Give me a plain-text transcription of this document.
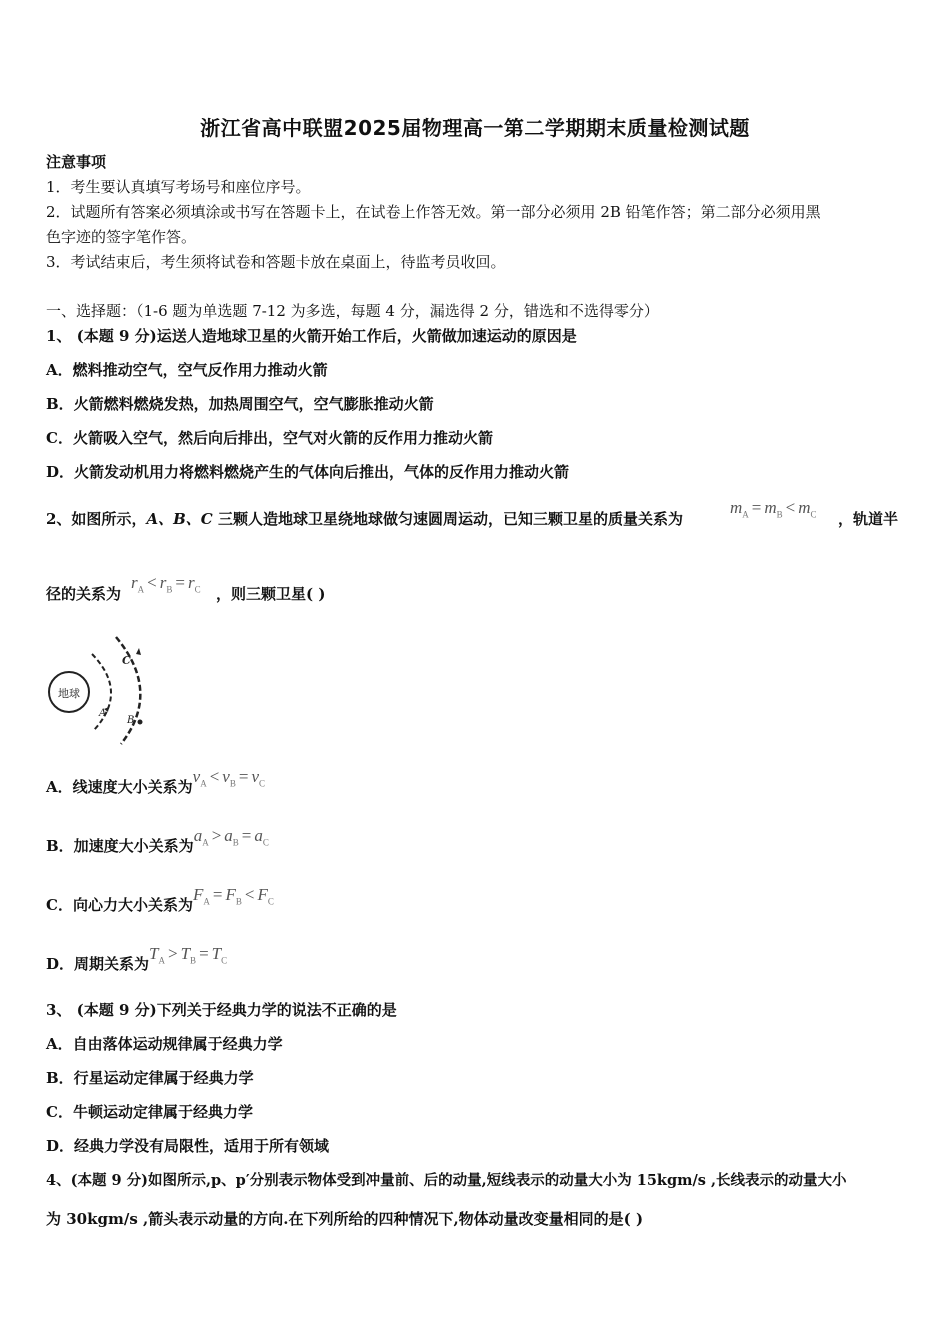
浙江省高中联盟2025届物理高一第二学期期末质量检测试题
注意事项
1．考生要认真填写考场号和座位序号。
2．试题所有答案必须填涂或书写在答题卡上，在试卷上作答无效。第一部分必须用 2B 铅笔作答；第二部分必须用黑
色字迹的签字笔作答。
3．考试结束后，考生须将试卷和答题卡放在桌面上，待监考员收回。
一、选择题：（1-6 题为单选题 7-12 为多选，每题 4 分，漏选得 2 分，错选和不选得零分）
1、 (本题 9 分)运送人造地球卫星的火箭开始工作后，火箭做加速运动的原因是
A．燃料推动空气，空气反作用力推动火箭
B．火箭燃料燃烧发热，加热周围空气，空气膨胀推动火箭
C．火箭吸入空气，然后向后排出，空气对火箭的反作用力推动火箭
D．火箭发动机用力将燃料燃烧产生的气体向后推出，气体的反作用力推动火箭
2、如图所示，A、B、C 三颗人造地球卫星绕地球做匀速圆周运动，已知三颗卫星的质量关系为
$m_A = m_B < m_C$ ，轨道半
径的关系为
$r_A < r_B = r_C$ ，则三颗卫星( )
地球
C
A
B
A．线速度大小关系为$v_A < v_B = v_C$
B．加速度大小关系为$a_A > a_B = a_C$
C．向心力大小关系为$F_A = F_B < F_C$
D．周期关系为$T_A > T_B = T_C$
3、 (本题 9 分)下列关于经典力学的说法不正确的是
A．自由落体运动规律属于经典力学
B．行星运动定律属于经典力学
C．牛顿运动定律属于经典力学
D．经典力学没有局限性，适用于所有领域
4、(本题 9 分)如图所示,p、p′分别表示物体受到冲量前、后的动量,短线表示的动量大小为 15kgm/s ,长线表示的动量大小
为 30kgm/s ,箭头表示动量的方向.在下列所给的四种情况下,物体动量改变量相同的是( )
